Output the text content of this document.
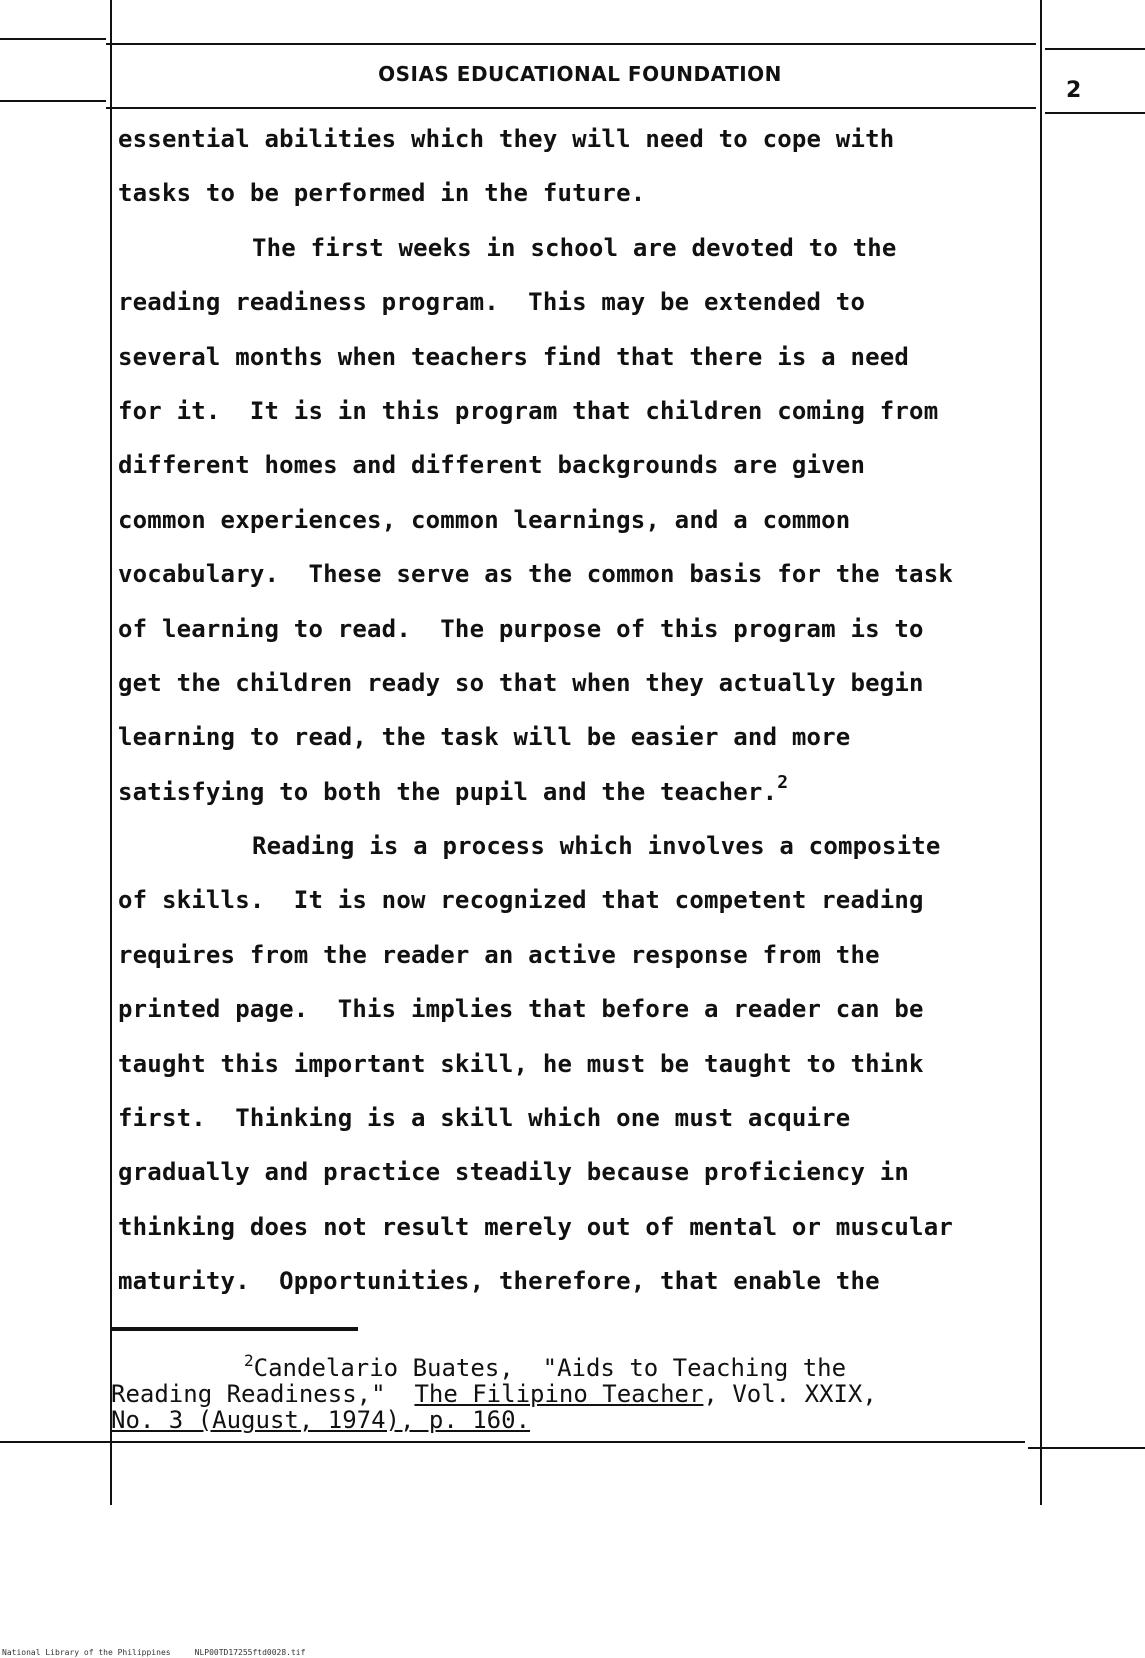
OSIAS EDUCATIONAL FOUNDATION
2
essential abilities which they will need to cope with
tasks to be performed in the future.
The first weeks in school are devoted to the
reading readiness program.  This may be extended to
several months when teachers find that there is a need
for it.  It is in this program that children coming from
different homes and different backgrounds are given
common experiences, common learnings, and a common
vocabulary.  These serve as the common basis for the task
of learning to read.  The purpose of this program is to
get the children ready so that when they actually begin
learning to read, the task will be easier and more
satisfying to both the pupil and the teacher.$^2$
Reading is a process which involves a composite
of skills.  It is now recognized that competent reading
requires from the reader an active response from the
printed page.  This implies that before a reader can be
taught this important skill, he must be taught to think
first.  Thinking is a skill which one must acquire
gradually and practice steadily because proficiency in
thinking does not result merely out of mental or muscular
maturity.  Opportunities, therefore, that enable the
$^2$Candelario Buates,  "Aids to Teaching the
Reading Readiness,"  The Filipino Teacher, Vol. XXIX,
No. 3 (August, 1974), p. 160.
National Library of the Philippines     NLP00TD17255ftd0028.tif
